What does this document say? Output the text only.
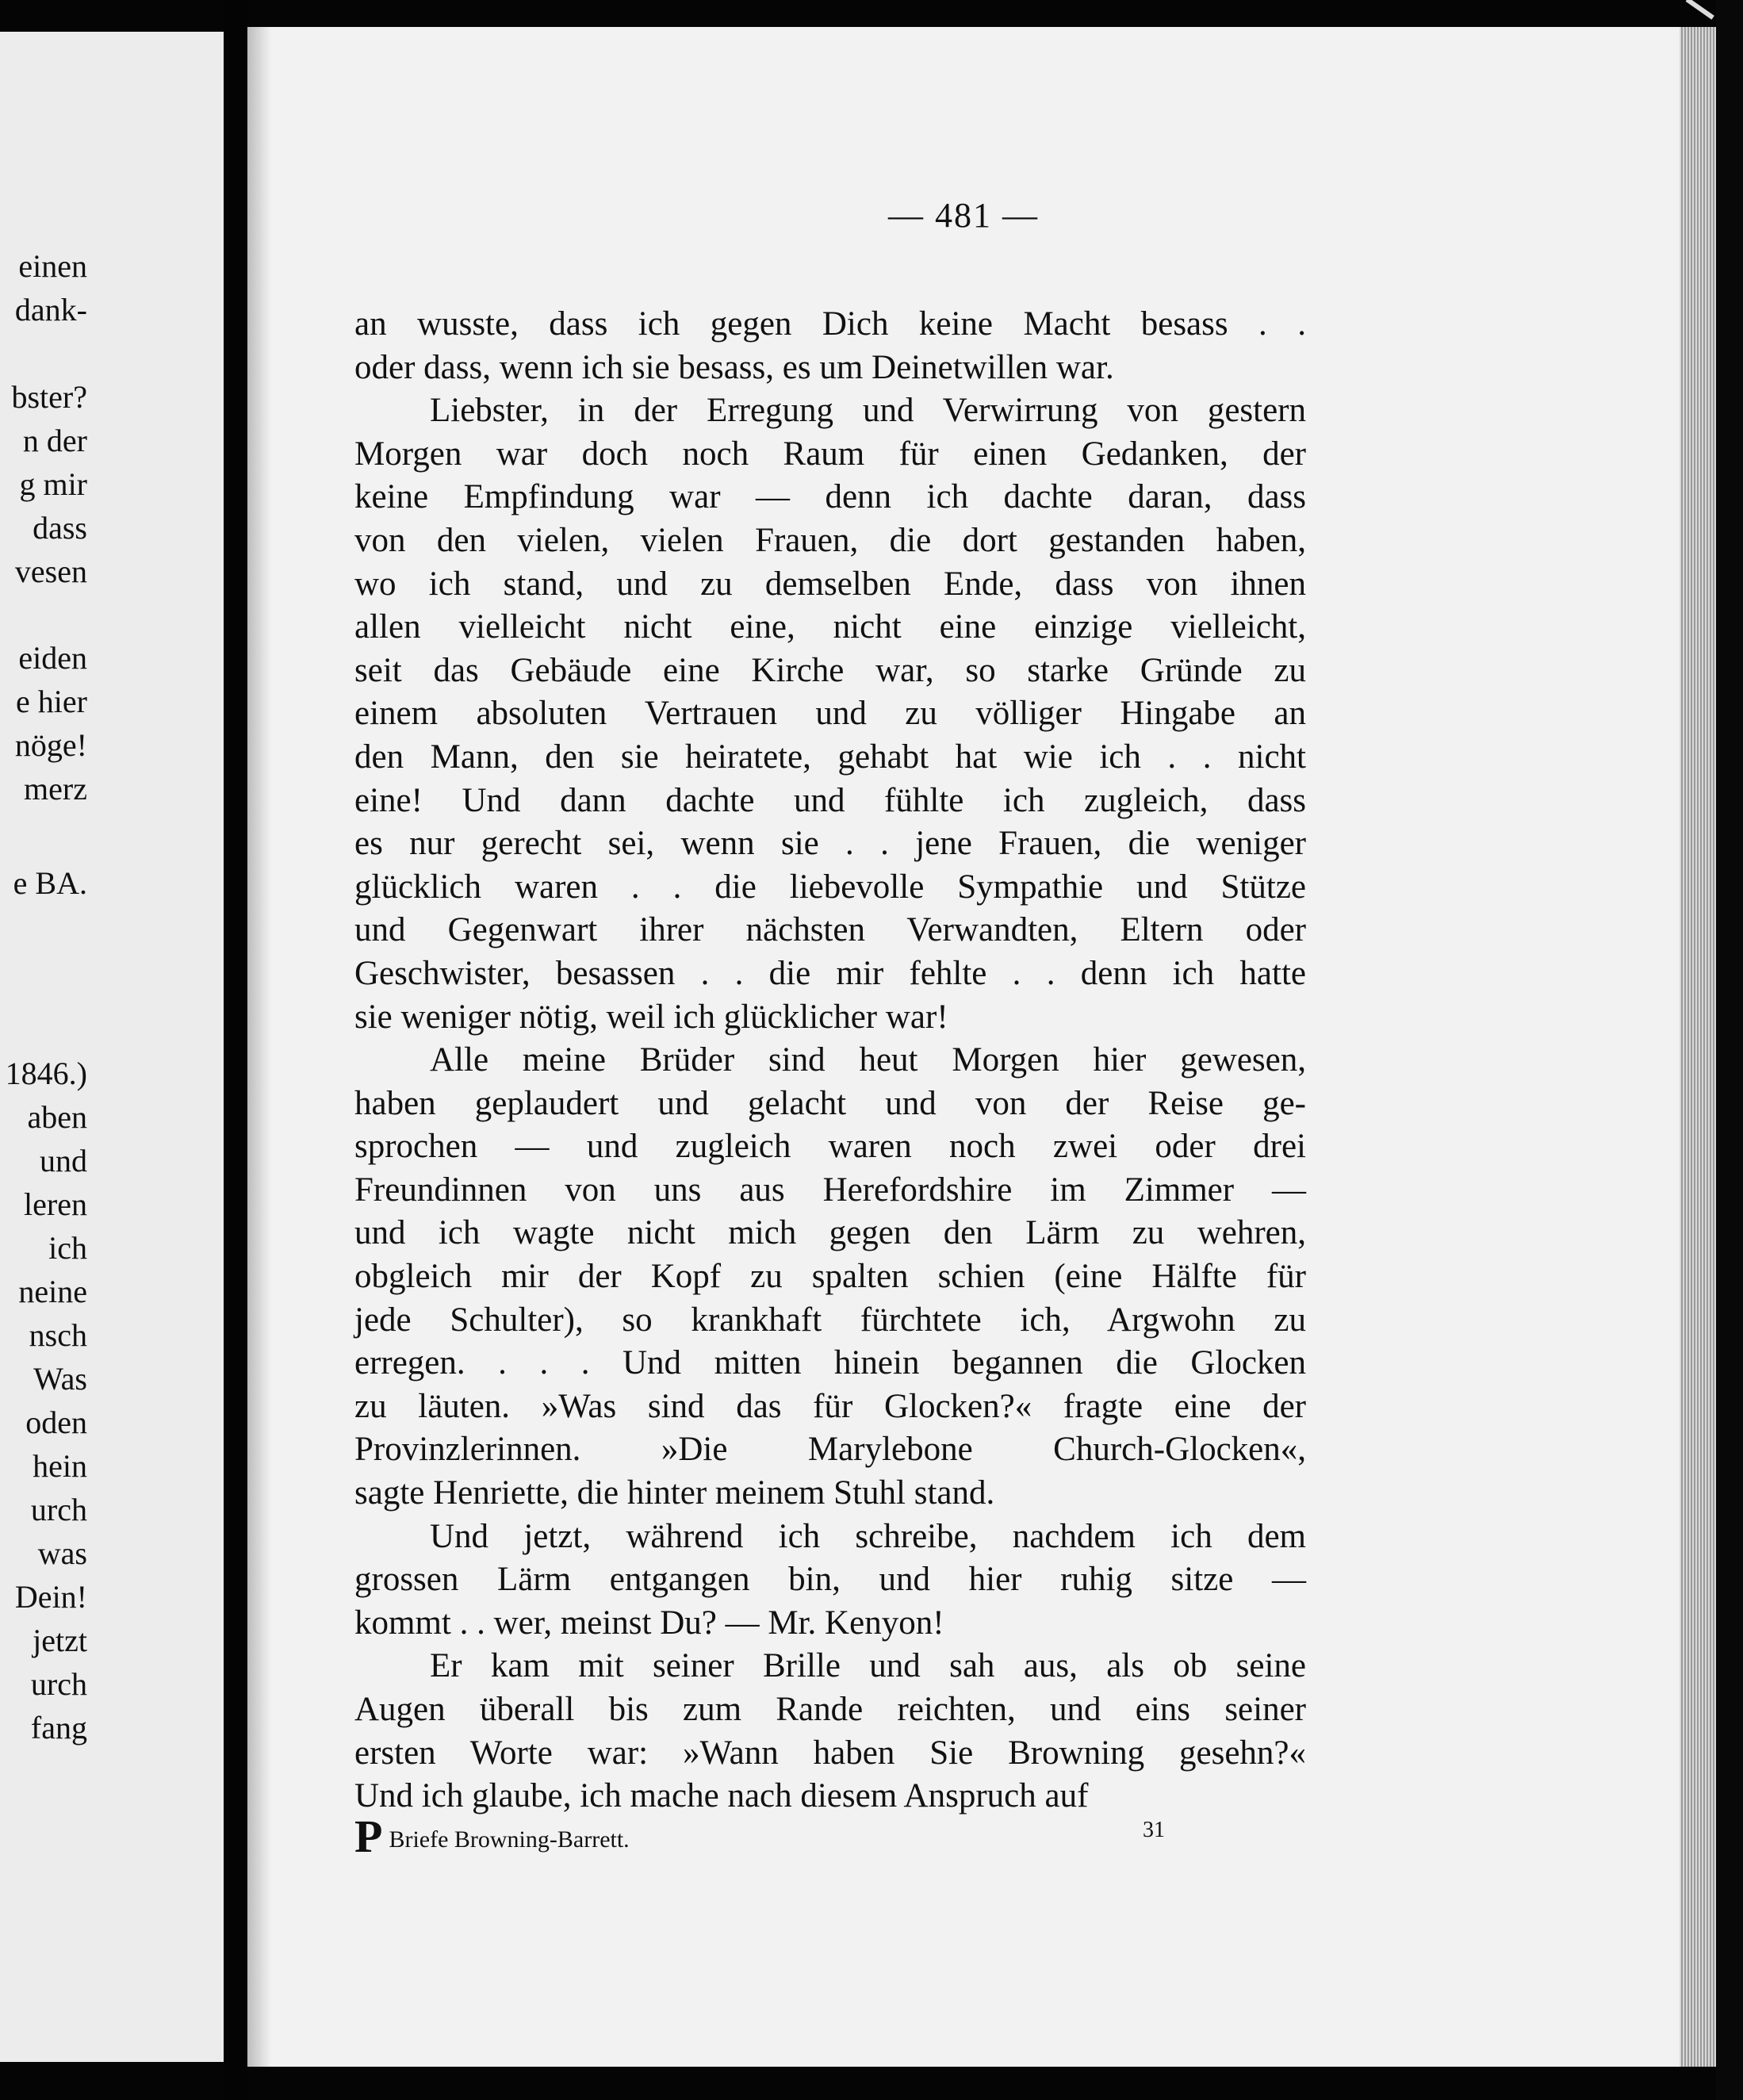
einen
dank-
bster?
n der
g mir
dass
vesen
eiden
e hier
nöge!
merz
e BA.
1846.)
aben
und
leren
ich
neine
nsch
Was
oden
hein
urch
was
Dein!
jetzt
urch
fang
— 481 —
an wusste, dass ich gegen Dich keine Macht besass . .
oder dass, wenn ich sie besass, es um Deinetwillen war.
Liebster, in der Erregung und Verwirrung von gestern
Morgen war doch noch Raum für einen Gedanken, der
keine Empfindung war — denn ich dachte daran, dass
von den vielen, vielen Frauen, die dort gestanden haben,
wo ich stand, und zu demselben Ende, dass von ihnen
allen vielleicht nicht eine, nicht eine einzige vielleicht,
seit das Gebäude eine Kirche war, so starke Gründe zu
einem absoluten Vertrauen und zu völliger Hingabe an
den Mann, den sie heiratete, gehabt hat wie ich . . nicht
eine! Und dann dachte und fühlte ich zugleich, dass
es nur gerecht sei, wenn sie . . jene Frauen, die weniger
glücklich waren . . die liebevolle Sympathie und Stütze
und Gegenwart ihrer nächsten Verwandten, Eltern oder
Geschwister, besassen . . die mir fehlte . . denn ich hatte
sie weniger nötig, weil ich glücklicher war!
Alle meine Brüder sind heut Morgen hier gewesen,
haben geplaudert und gelacht und von der Reise ge-
sprochen — und zugleich waren noch zwei oder drei
Freundinnen von uns aus Herefordshire im Zimmer —
und ich wagte nicht mich gegen den Lärm zu wehren,
obgleich mir der Kopf zu spalten schien (eine Hälfte für
jede Schulter), so krankhaft fürchtete ich, Argwohn zu
erregen. . . . Und mitten hinein begannen die Glocken
zu läuten. »Was sind das für Glocken?« fragte eine der
Provinzlerinnen. »Die Marylebone Church-Glocken«,
sagte Henriette, die hinter meinem Stuhl stand.
Und jetzt, während ich schreibe, nachdem ich dem
grossen Lärm entgangen bin, und hier ruhig sitze —
kommt . . wer, meinst Du? — Mr. Kenyon!
Er kam mit seiner Brille und sah aus, als ob seine
Augen überall bis zum Rande reichten, und eins seiner
ersten Worte war: »Wann haben Sie Browning gesehn?«
Und ich glaube, ich mache nach diesem Anspruch auf
P Briefe Browning-Barrett.	31
